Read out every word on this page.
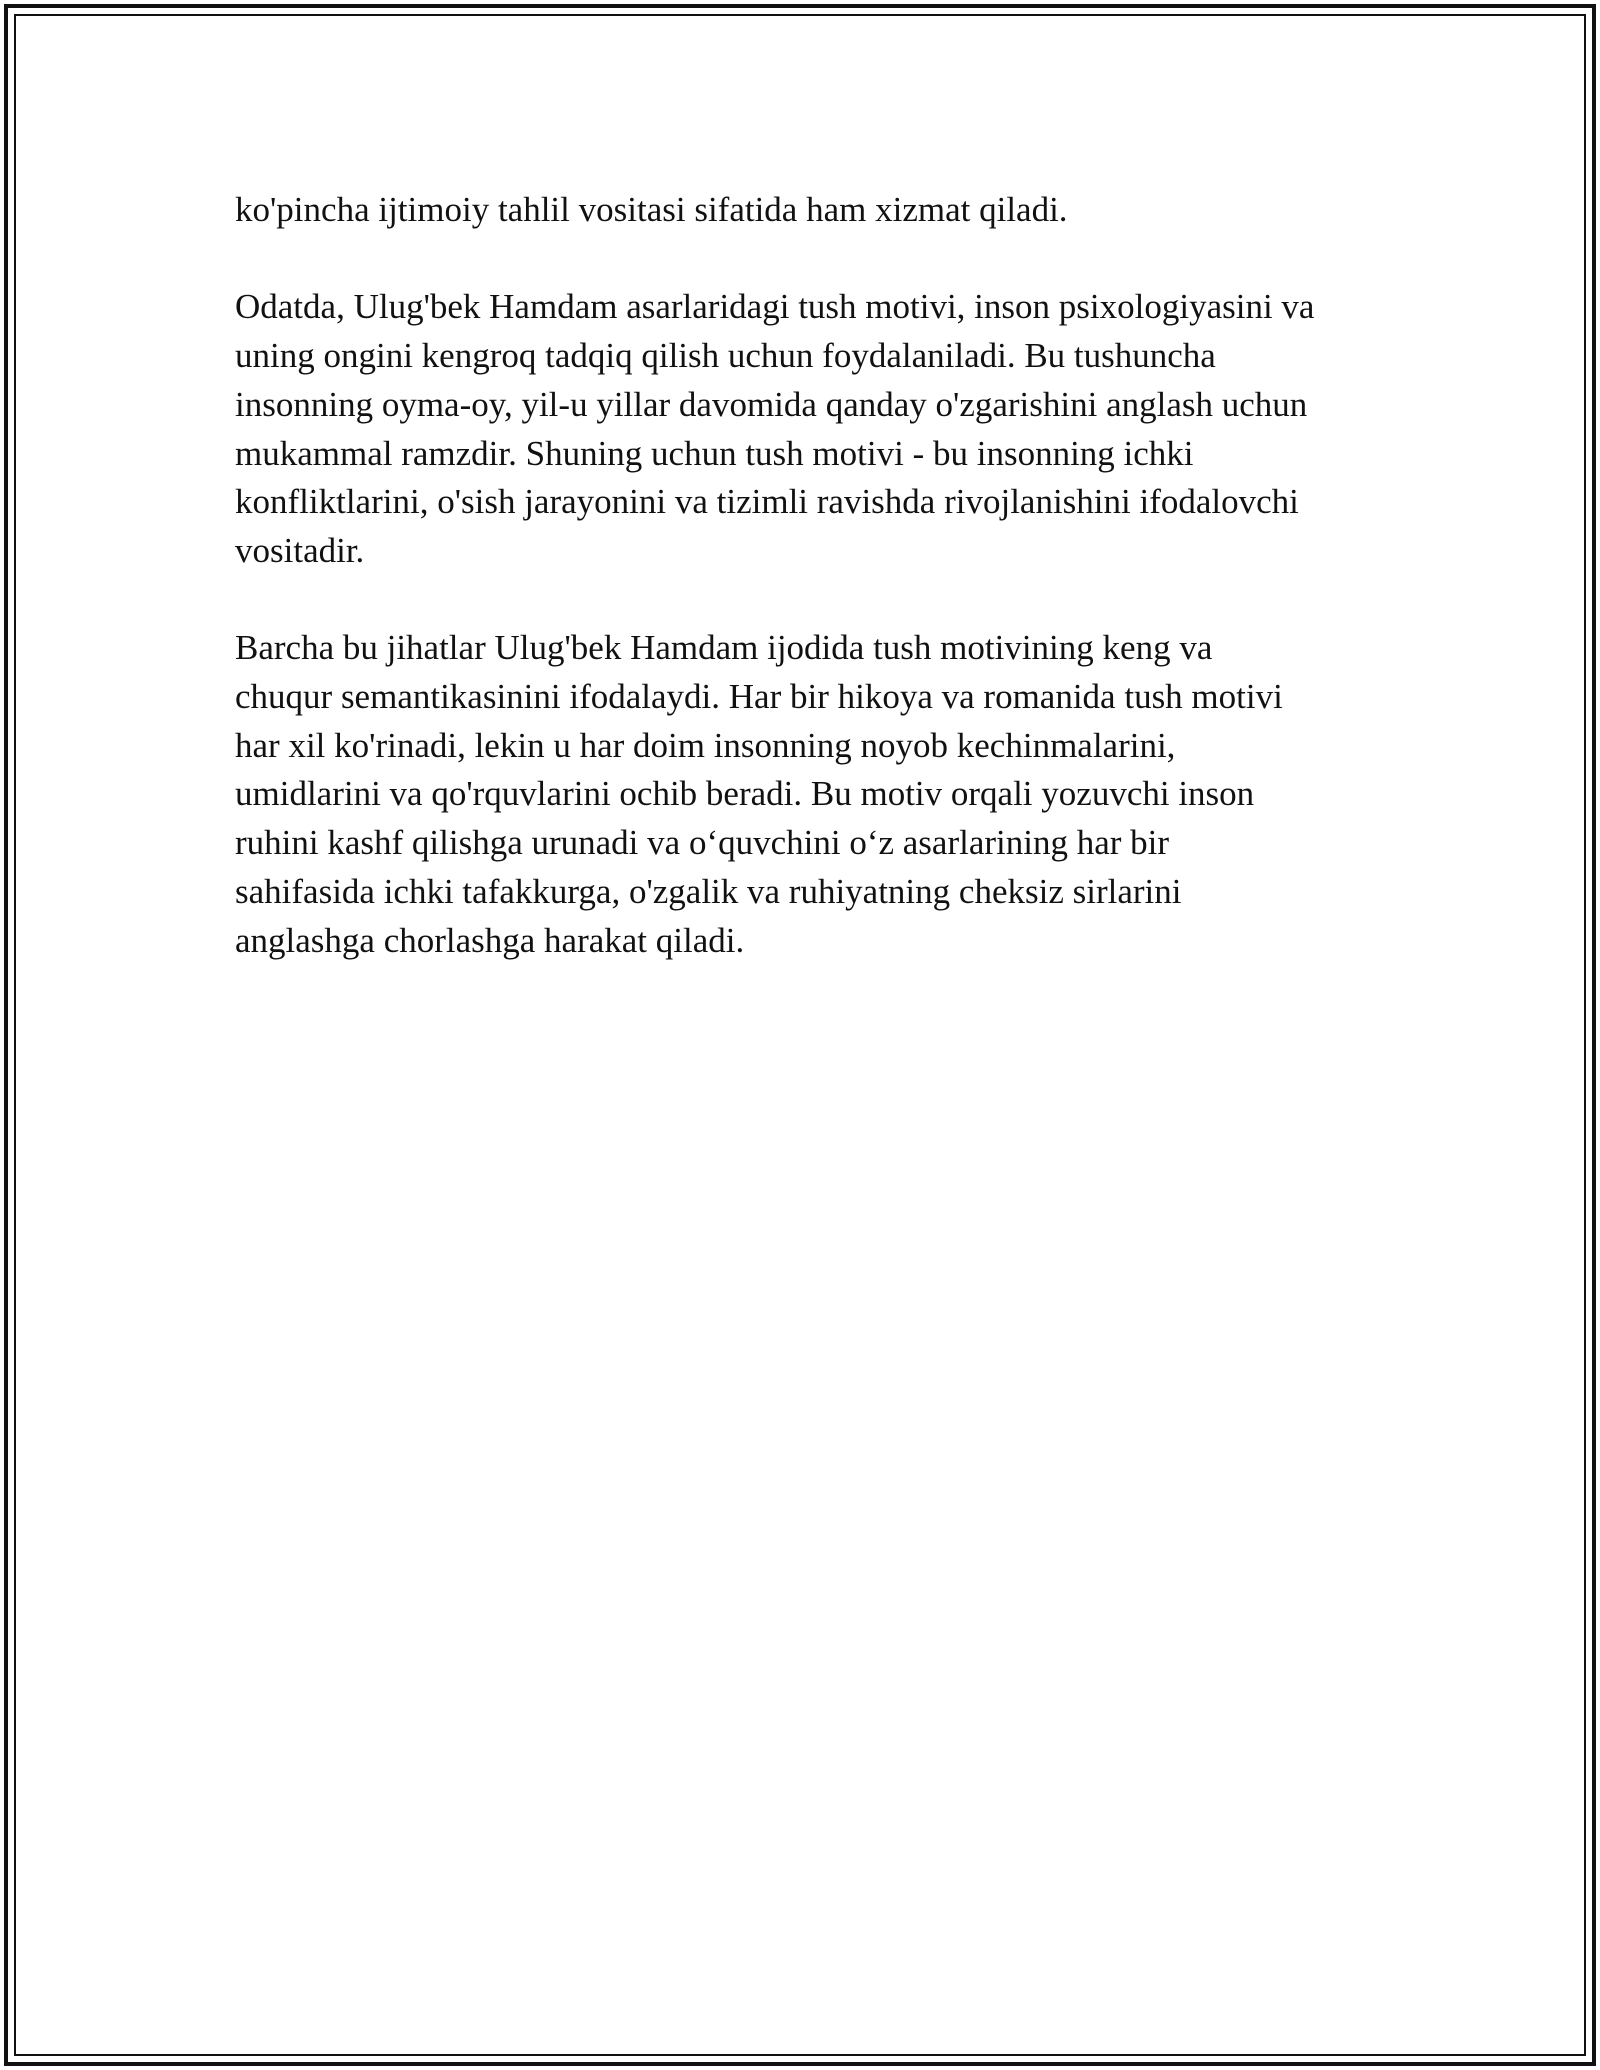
ko'pincha ijtimoiy tahlil vositasi sifatida ham xizmat qiladi.

Odatda, Ulug'bek Hamdam asarlaridagi tush motivi, inson psixologiyasini va
uning ongini kengroq tadqiq qilish uchun foydalaniladi. Bu tushuncha
insonning oyma-oy, yil-u yillar davomida qanday o'zgarishini anglash uchun
mukammal ramzdir. Shuning uchun tush motivi - bu insonning ichki
konfliktlarini, o'sish jarayonini va tizimli ravishda rivojlanishini ifodalovchi
vositadir.

Barcha bu jihatlar Ulug'bek Hamdam ijodida tush motivining keng va
chuqur semantikasinini ifodalaydi. Har bir hikoya va romanida tush motivi
har xil ko'rinadi, lekin u har doim insonning noyob kechinmalarini,
umidlarini va qo'rquvlarini ochib beradi. Bu motiv orqali yozuvchi inson
ruhini kashf qilishga urunadi va o‘quvchini o‘z asarlarining har bir
sahifasida ichki tafakkurga, o'zgalik va ruhiyatning cheksiz sirlarini
anglashga chorlashga harakat qiladi.
